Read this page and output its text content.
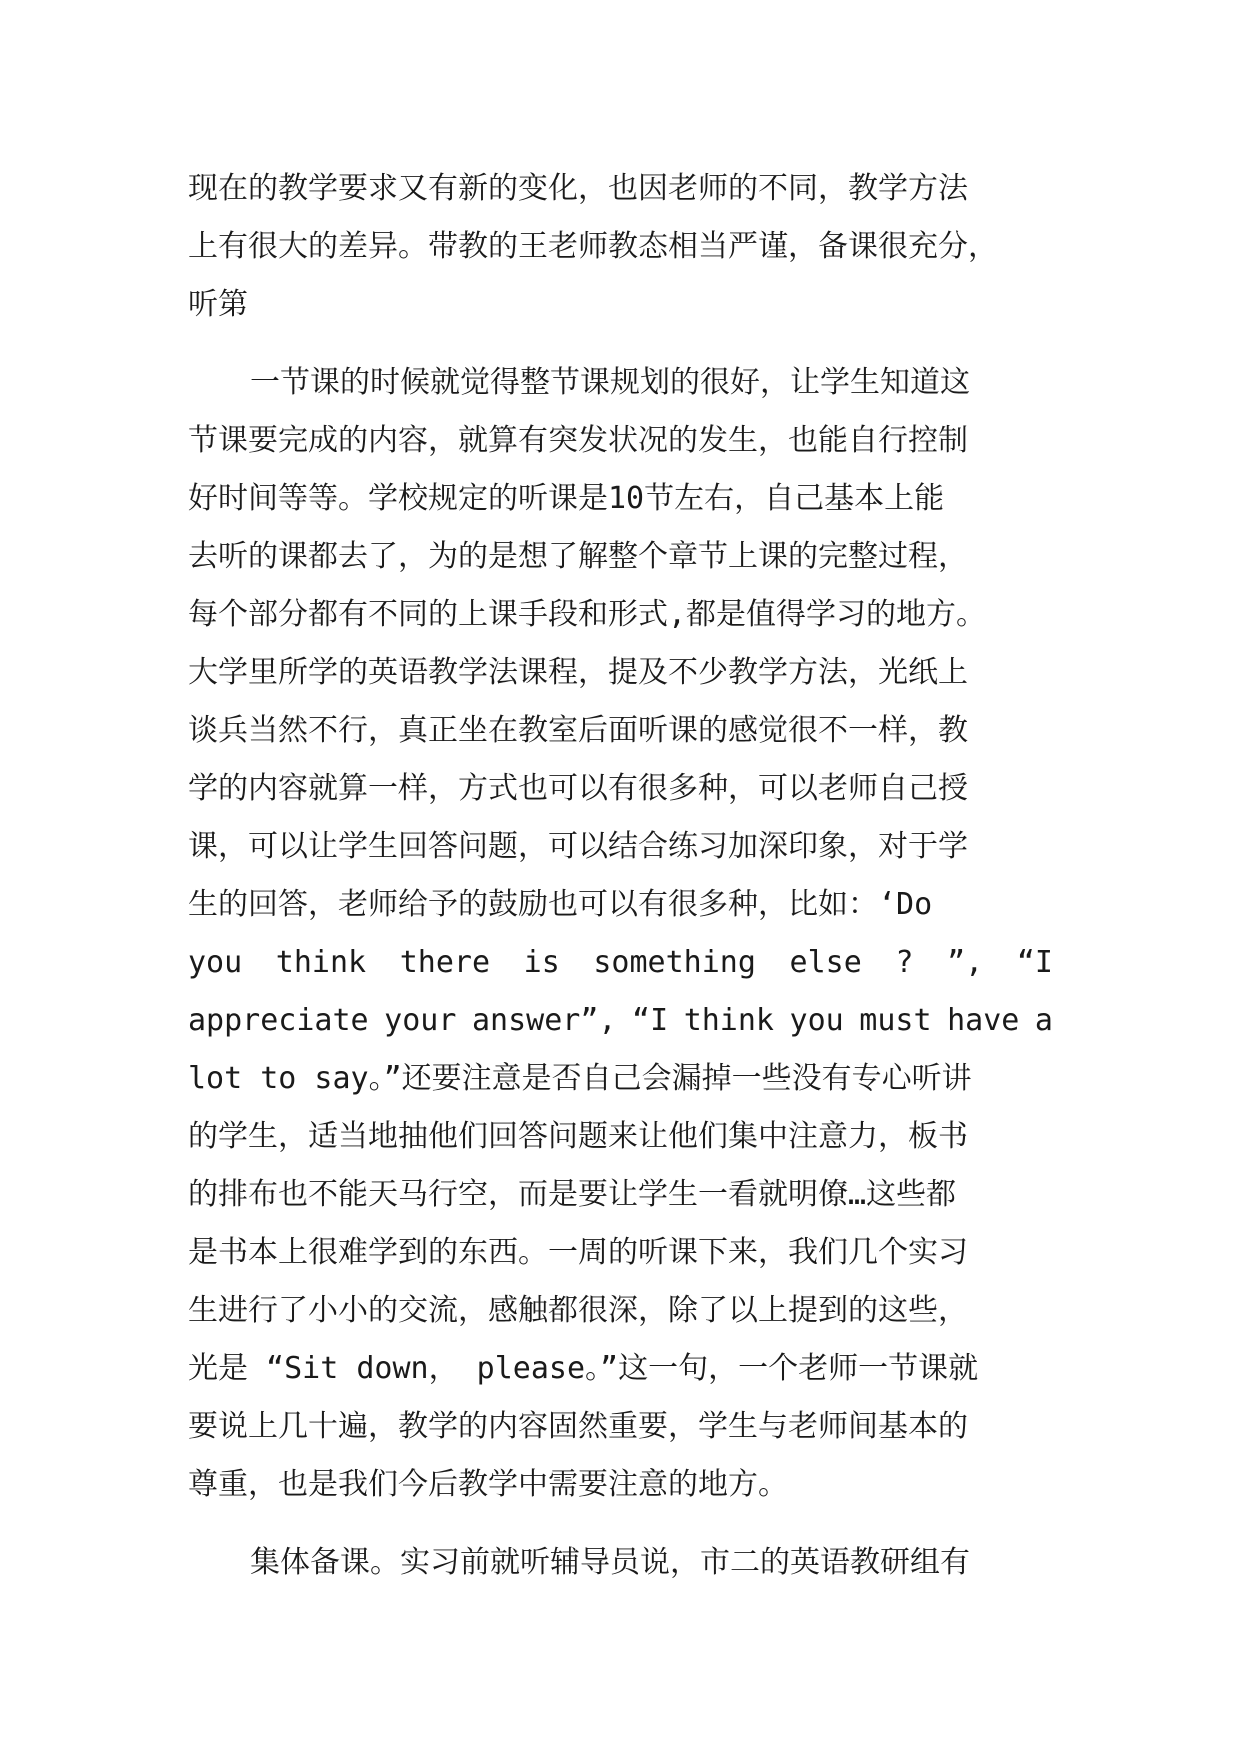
现在的教学要求又有新的变化，也因老师的不同，教学方法
上有很大的差异。带教的王老师教态相当严谨，备课很充分，
听第
一节课的时候就觉得整节课规划的很好，让学生知道这
节课要完成的内容，就算有突发状况的发生，也能自行控制
好时间等等。学校规定的听课是10节左右，自己基本上能
去听的课都去了，为的是想了解整个章节上课的完整过程，
每个部分都有不同的上课手段和形式,都是值得学习的地方。
大学里所学的英语教学法课程，提及不少教学方法，光纸上
谈兵当然不行，真正坐在教室后面听课的感觉很不一样，教
学的内容就算一样，方式也可以有很多种，可以老师自己授
课，可以让学生回答问题，可以结合练习加深印象，对于学
生的回答，老师给予的鼓励也可以有很多种，比如：‘Do
you think there is something else ? ”, “I
appreciate your answer”, “I think you must have a
lot to say。”还要注意是否自己会漏掉一些没有专心听讲
的学生，适当地抽他们回答问题来让他们集中注意力，板书
的排布也不能天马行空，而是要让学生一看就明僚…这些都
是书本上很难学到的东西。一周的听课下来，我们几个实习
生进行了小小的交流，感触都很深，除了以上提到的这些，
光是 “Sit down， please。”这一句，一个老师一节课就
要说上几十遍，教学的内容固然重要，学生与老师间基本的
尊重，也是我们今后教学中需要注意的地方。
集体备课。实习前就听辅导员说，市二的英语教研组有
